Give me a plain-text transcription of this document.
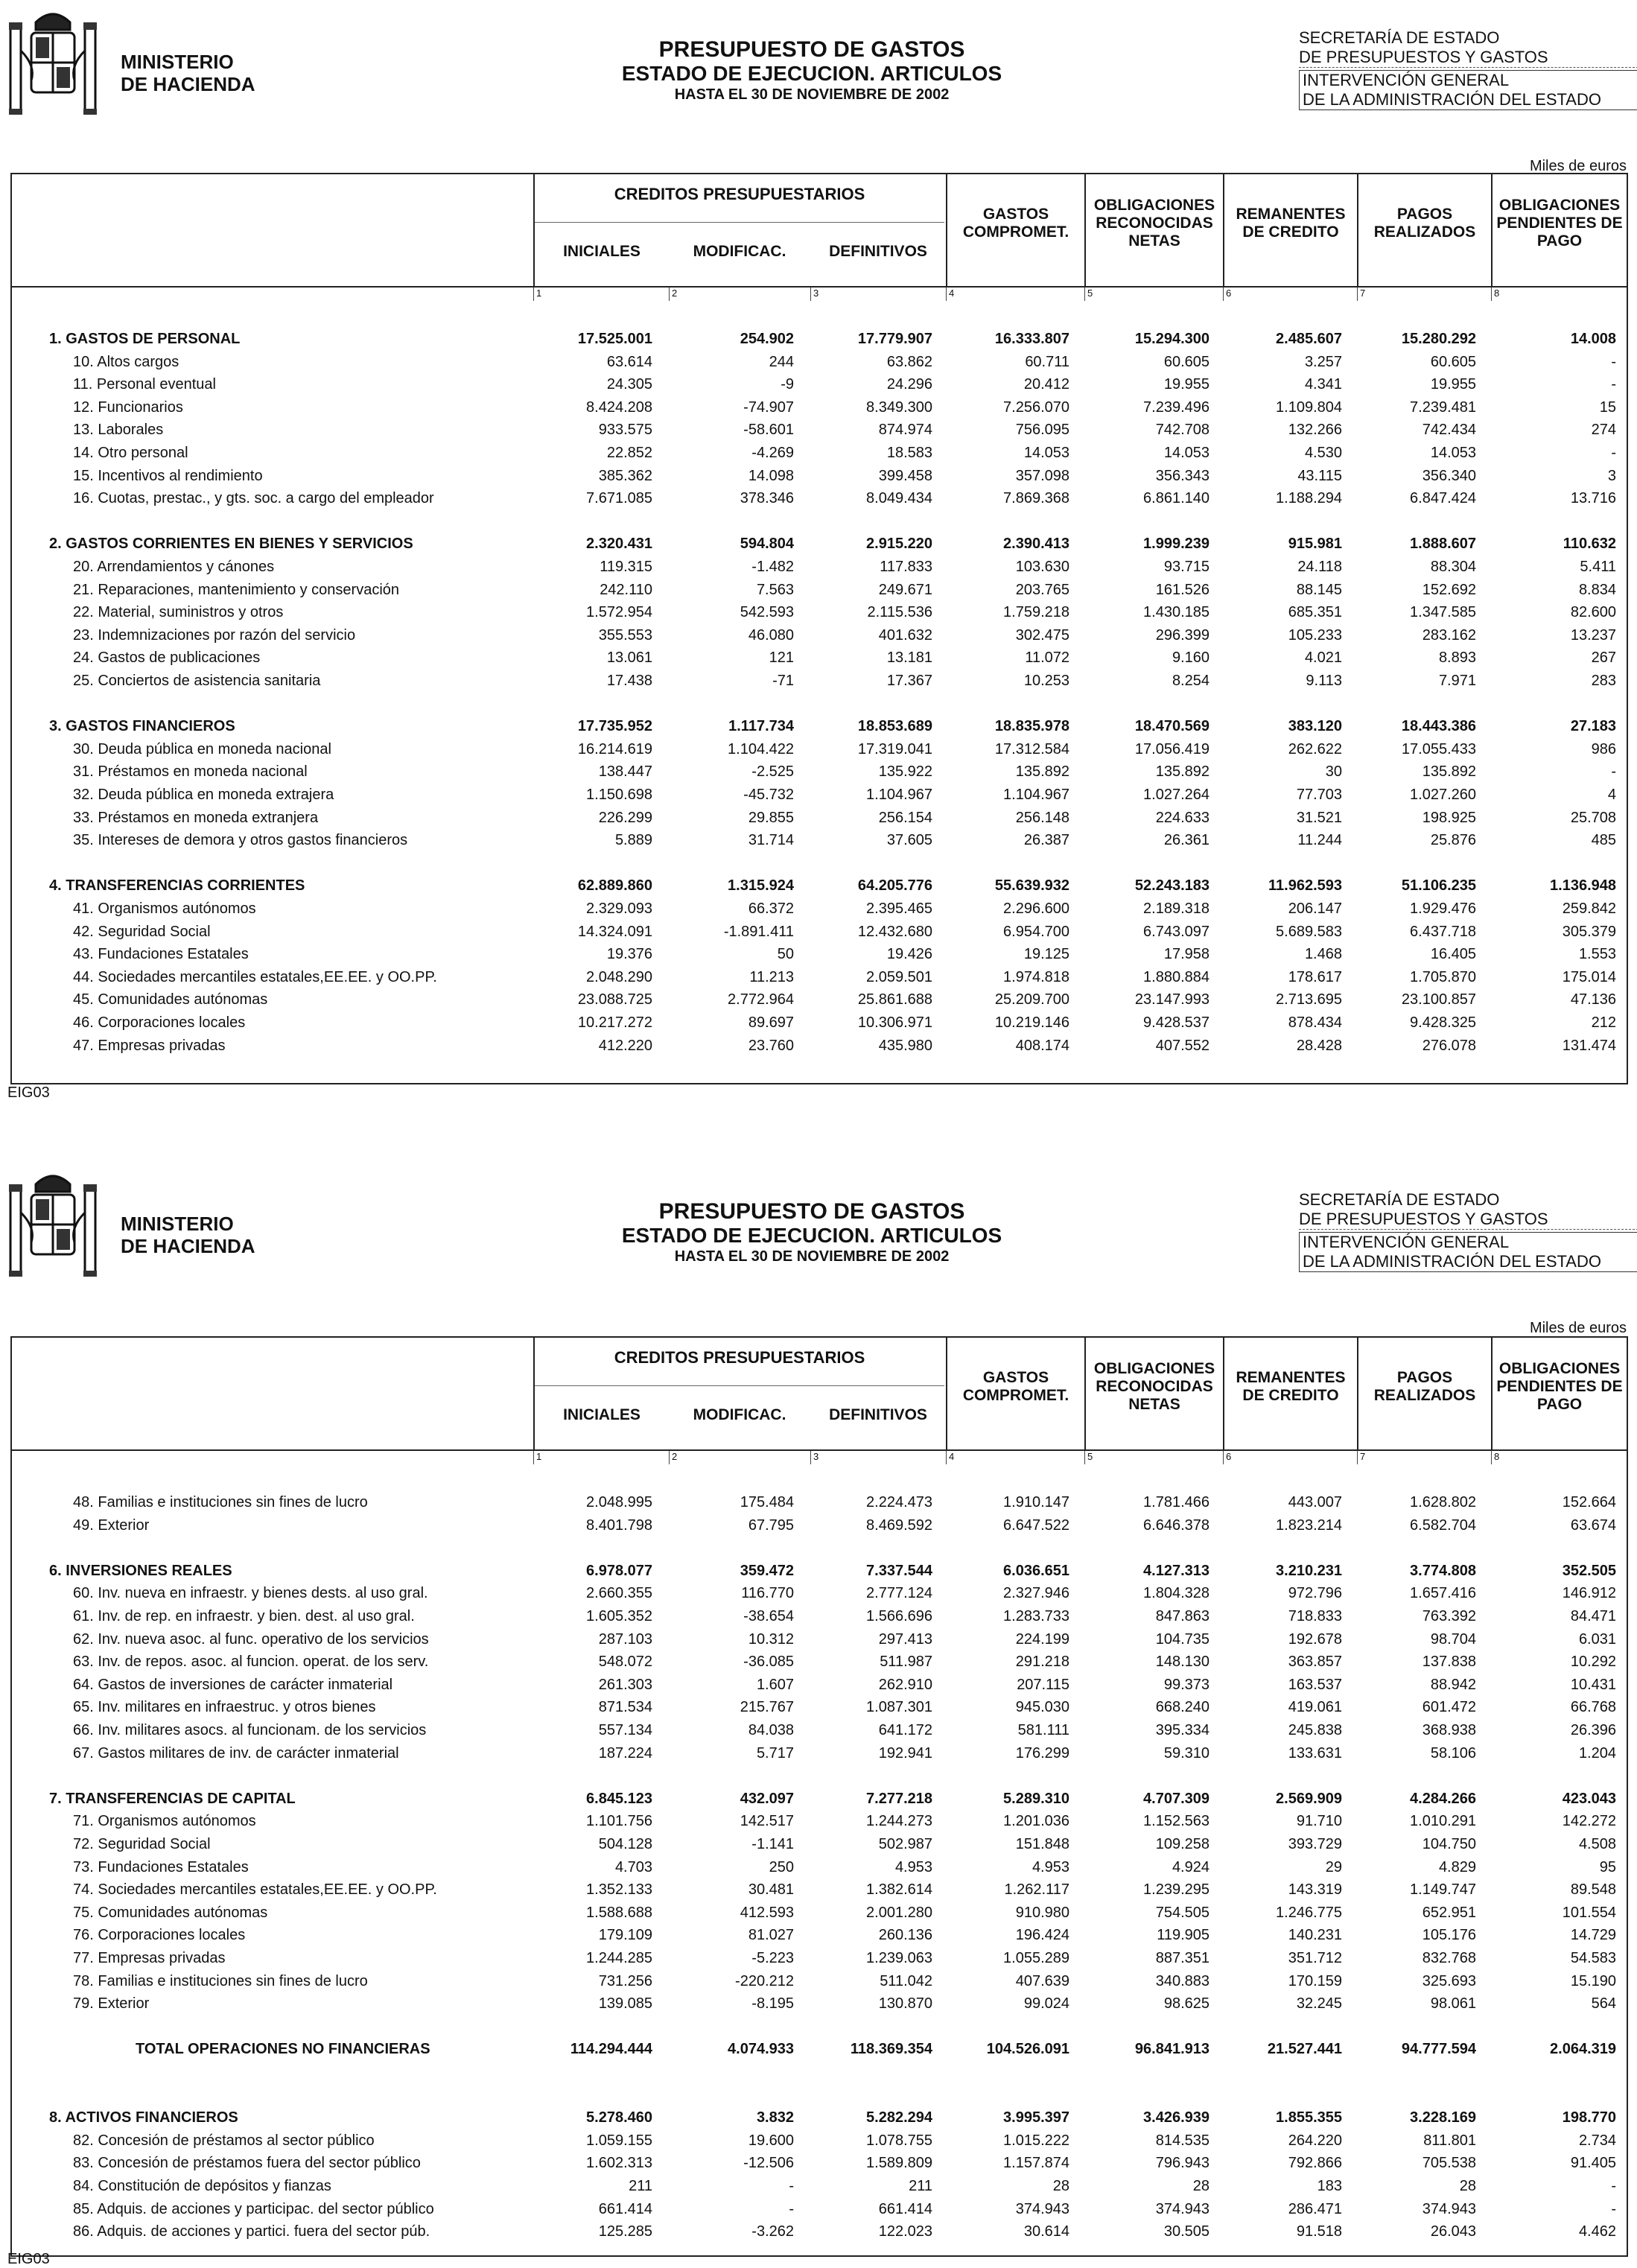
MINISTERIO
DE HACIENDA
PRESUPUESTO DE GASTOS
ESTADO DE EJECUCION. ARTICULOS
HASTA EL 30 DE NOVIEMBRE DE 2002
SECRETARÍA DE ESTADO
DE PRESUPUESTOS Y GASTOS
INTERVENCIÓN GENERAL
DE LA ADMINISTRACIÓN DEL ESTADO
Miles de euros
CREDITOS PRESUPUESTARIOS
INICIALES	MODIFICAC.	DEFINITIVOS
GASTOS
COMPROMET.
OBLIGACIONES
RECONOCIDAS
NETAS
REMANENTES
DE CREDITO
PAGOS
REALIZADOS
OBLIGACIONES
PENDIENTES DE
PAGO
1	2	3	4	5	6	7	8
1. GASTOS DE PERSONAL	17.525.001	254.902	17.779.907	16.333.807	15.294.300	2.485.607	15.280.292	14.008
10. Altos cargos	63.614	244	63.862	60.711	60.605	3.257	60.605	-
11. Personal eventual	24.305	-9	24.296	20.412	19.955	4.341	19.955	-
12. Funcionarios	8.424.208	-74.907	8.349.300	7.256.070	7.239.496	1.109.804	7.239.481	15
13. Laborales	933.575	-58.601	874.974	756.095	742.708	132.266	742.434	274
14. Otro personal	22.852	-4.269	18.583	14.053	14.053	4.530	14.053	-
15. Incentivos al rendimiento	385.362	14.098	399.458	357.098	356.343	43.115	356.340	3
16. Cuotas, prestac., y gts. soc. a cargo del empleador	7.671.085	378.346	8.049.434	7.869.368	6.861.140	1.188.294	6.847.424	13.716
2. GASTOS CORRIENTES EN BIENES Y SERVICIOS	2.320.431	594.804	2.915.220	2.390.413	1.999.239	915.981	1.888.607	110.632
20. Arrendamientos y cánones	119.315	-1.482	117.833	103.630	93.715	24.118	88.304	5.411
21. Reparaciones, mantenimiento y conservación	242.110	7.563	249.671	203.765	161.526	88.145	152.692	8.834
22. Material, suministros y otros	1.572.954	542.593	2.115.536	1.759.218	1.430.185	685.351	1.347.585	82.600
23. Indemnizaciones por razón del servicio	355.553	46.080	401.632	302.475	296.399	105.233	283.162	13.237
24. Gastos de publicaciones	13.061	121	13.181	11.072	9.160	4.021	8.893	267
25. Conciertos de asistencia sanitaria	17.438	-71	17.367	10.253	8.254	9.113	7.971	283
3. GASTOS FINANCIEROS	17.735.952	1.117.734	18.853.689	18.835.978	18.470.569	383.120	18.443.386	27.183
30. Deuda pública en moneda nacional	16.214.619	1.104.422	17.319.041	17.312.584	17.056.419	262.622	17.055.433	986
31. Préstamos en moneda nacional	138.447	-2.525	135.922	135.892	135.892	30	135.892	-
32. Deuda pública en moneda extrajera	1.150.698	-45.732	1.104.967	1.104.967	1.027.264	77.703	1.027.260	4
33. Préstamos en moneda extranjera	226.299	29.855	256.154	256.148	224.633	31.521	198.925	25.708
35. Intereses de demora y otros gastos financieros	5.889	31.714	37.605	26.387	26.361	11.244	25.876	485
4. TRANSFERENCIAS CORRIENTES	62.889.860	1.315.924	64.205.776	55.639.932	52.243.183	11.962.593	51.106.235	1.136.948
41. Organismos autónomos	2.329.093	66.372	2.395.465	2.296.600	2.189.318	206.147	1.929.476	259.842
42. Seguridad Social	14.324.091	-1.891.411	12.432.680	6.954.700	6.743.097	5.689.583	6.437.718	305.379
43. Fundaciones Estatales	19.376	50	19.426	19.125	17.958	1.468	16.405	1.553
44. Sociedades mercantiles estatales,EE.EE. y OO.PP.	2.048.290	11.213	2.059.501	1.974.818	1.880.884	178.617	1.705.870	175.014
45. Comunidades autónomas	23.088.725	2.772.964	25.861.688	25.209.700	23.147.993	2.713.695	23.100.857	47.136
46. Corporaciones locales	10.217.272	89.697	10.306.971	10.219.146	9.428.537	878.434	9.428.325	212
47. Empresas privadas	412.220	23.760	435.980	408.174	407.552	28.428	276.078	131.474
EIG03
MINISTERIO
DE HACIENDA
PRESUPUESTO DE GASTOS
ESTADO DE EJECUCION. ARTICULOS
HASTA EL 30 DE NOVIEMBRE DE 2002
SECRETARÍA DE ESTADO
DE PRESUPUESTOS Y GASTOS
INTERVENCIÓN GENERAL
DE LA ADMINISTRACIÓN DEL ESTADO
Miles de euros
CREDITOS PRESUPUESTARIOS
INICIALES	MODIFICAC.	DEFINITIVOS
GASTOS
COMPROMET.
OBLIGACIONES
RECONOCIDAS
NETAS
REMANENTES
DE CREDITO
PAGOS
REALIZADOS
OBLIGACIONES
PENDIENTES DE
PAGO
1	2	3	4	5	6	7	8
48. Familias e instituciones sin fines de lucro	2.048.995	175.484	2.224.473	1.910.147	1.781.466	443.007	1.628.802	152.664
49. Exterior	8.401.798	67.795	8.469.592	6.647.522	6.646.378	1.823.214	6.582.704	63.674
6. INVERSIONES REALES	6.978.077	359.472	7.337.544	6.036.651	4.127.313	3.210.231	3.774.808	352.505
60. Inv. nueva en infraestr. y bienes dests. al uso gral.	2.660.355	116.770	2.777.124	2.327.946	1.804.328	972.796	1.657.416	146.912
61. Inv. de rep. en infraestr. y bien. dest. al uso gral.	1.605.352	-38.654	1.566.696	1.283.733	847.863	718.833	763.392	84.471
62. Inv. nueva asoc. al func. operativo de los servicios	287.103	10.312	297.413	224.199	104.735	192.678	98.704	6.031
63. Inv. de repos. asoc. al funcion. operat. de los serv.	548.072	-36.085	511.987	291.218	148.130	363.857	137.838	10.292
64. Gastos de inversiones de carácter inmaterial	261.303	1.607	262.910	207.115	99.373	163.537	88.942	10.431
65. Inv. militares en infraestruc. y otros bienes	871.534	215.767	1.087.301	945.030	668.240	419.061	601.472	66.768
66. Inv. militares asocs. al funcionam. de los servicios	557.134	84.038	641.172	581.111	395.334	245.838	368.938	26.396
67. Gastos militares de inv. de carácter inmaterial	187.224	5.717	192.941	176.299	59.310	133.631	58.106	1.204
7. TRANSFERENCIAS DE CAPITAL	6.845.123	432.097	7.277.218	5.289.310	4.707.309	2.569.909	4.284.266	423.043
71. Organismos autónomos	1.101.756	142.517	1.244.273	1.201.036	1.152.563	91.710	1.010.291	142.272
72. Seguridad Social	504.128	-1.141	502.987	151.848	109.258	393.729	104.750	4.508
73. Fundaciones Estatales	4.703	250	4.953	4.953	4.924	29	4.829	95
74. Sociedades mercantiles estatales,EE.EE. y OO.PP.	1.352.133	30.481	1.382.614	1.262.117	1.239.295	143.319	1.149.747	89.548
75. Comunidades autónomas	1.588.688	412.593	2.001.280	910.980	754.505	1.246.775	652.951	101.554
76. Corporaciones locales	179.109	81.027	260.136	196.424	119.905	140.231	105.176	14.729
77. Empresas privadas	1.244.285	-5.223	1.239.063	1.055.289	887.351	351.712	832.768	54.583
78. Familias e instituciones sin fines de lucro	731.256	-220.212	511.042	407.639	340.883	170.159	325.693	15.190
79. Exterior	139.085	-8.195	130.870	99.024	98.625	32.245	98.061	564
TOTAL OPERACIONES NO FINANCIERAS	114.294.444	4.074.933	118.369.354	104.526.091	96.841.913	21.527.441	94.777.594	2.064.319
8. ACTIVOS FINANCIEROS	5.278.460	3.832	5.282.294	3.995.397	3.426.939	1.855.355	3.228.169	198.770
82. Concesión de préstamos al sector público	1.059.155	19.600	1.078.755	1.015.222	814.535	264.220	811.801	2.734
83. Concesión de préstamos fuera del sector público	1.602.313	-12.506	1.589.809	1.157.874	796.943	792.866	705.538	91.405
84. Constitución de depósitos y fianzas	211	-	211	28	28	183	28	-
85. Adquis. de acciones y participac. del sector público	661.414	-	661.414	374.943	374.943	286.471	374.943	-
86. Adquis. de acciones y partici. fuera del sector púb.	125.285	-3.262	122.023	30.614	30.505	91.518	26.043	4.462
EIG03
